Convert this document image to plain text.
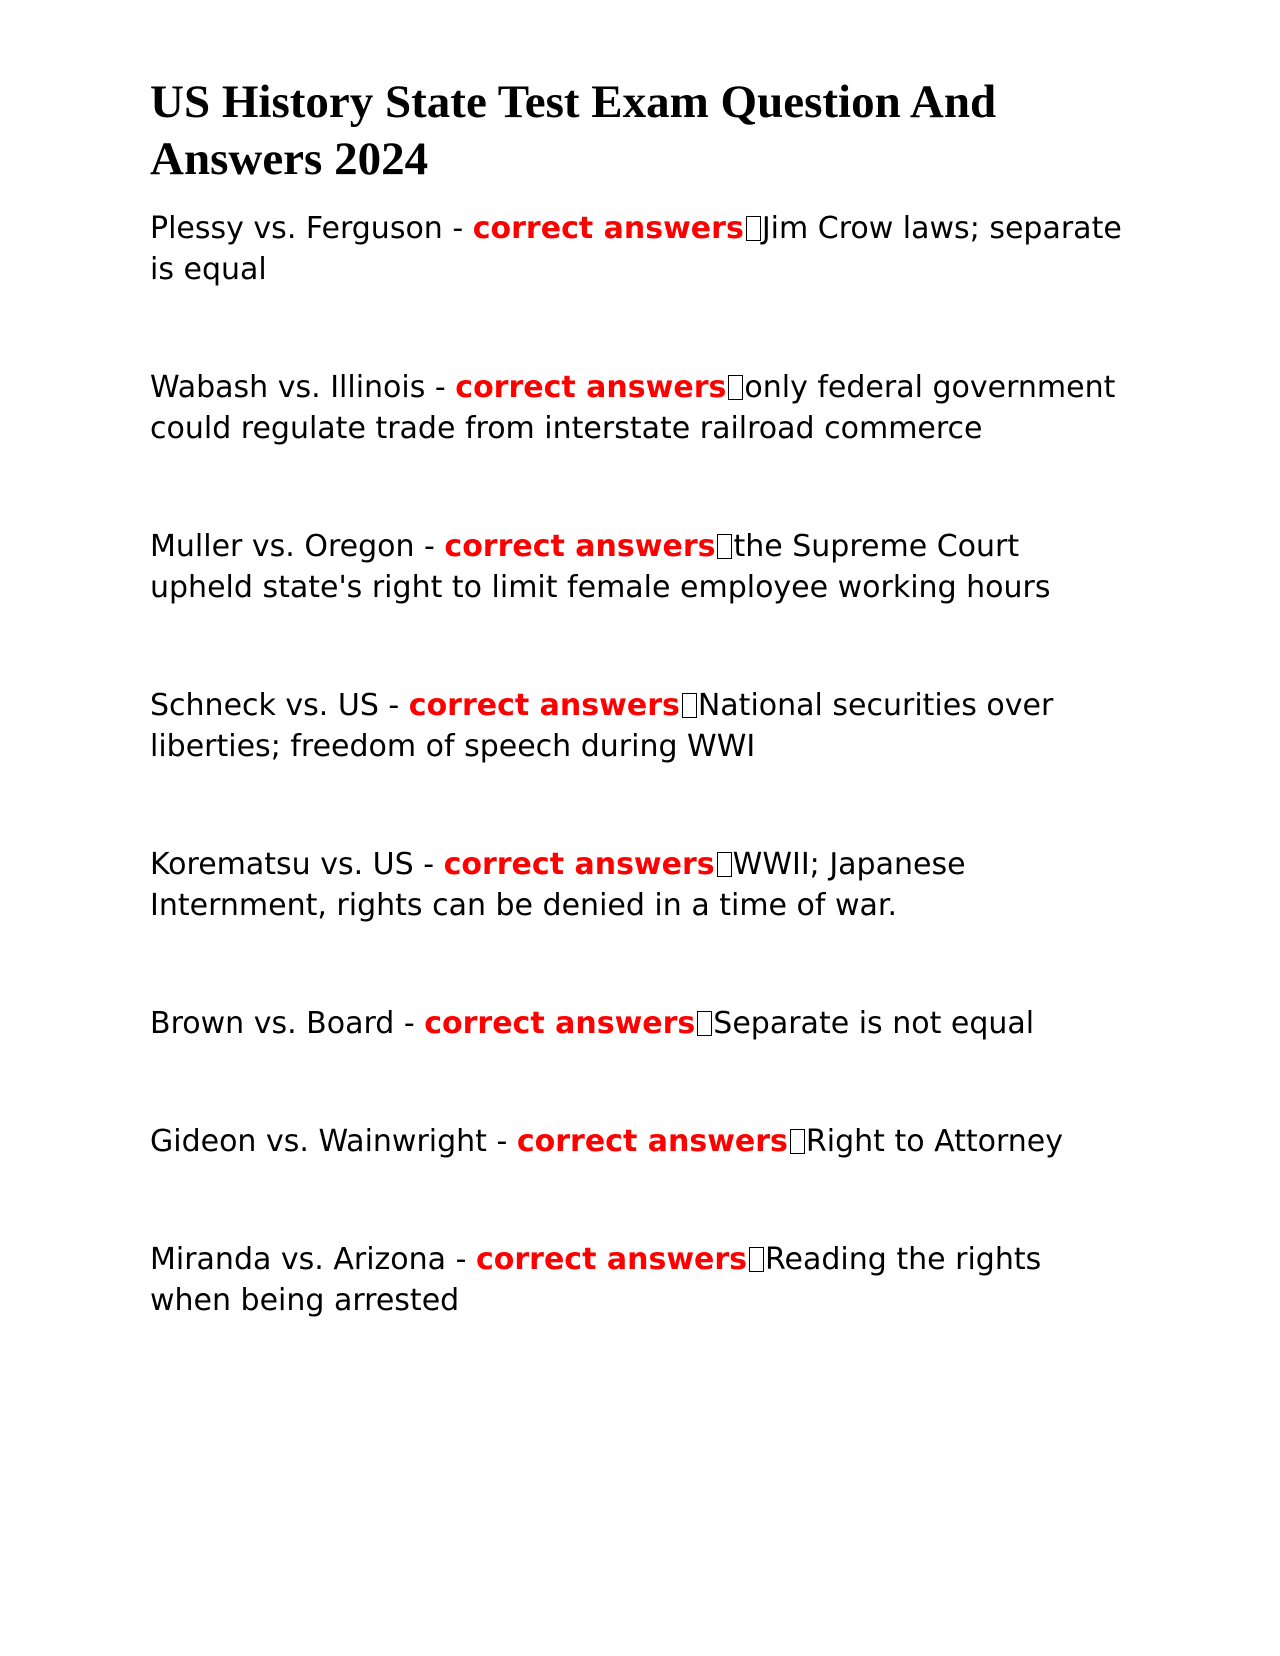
US History State Test Exam Question And Answers 2024

Plessy vs. Ferguson - correct answers Jim Crow laws; separate is equal

Wabash vs. Illinois - correct answers only federal government could regulate trade from interstate railroad commerce

Muller vs. Oregon - correct answers the Supreme Court upheld state's right to limit female employee working hours

Schneck vs. US - correct answers National securities over liberties; freedom of speech during WWI

Korematsu vs. US - correct answers WWII; Japanese Internment, rights can be denied in a time of war.

Brown vs. Board - correct answers Separate is not equal

Gideon vs. Wainwright - correct answers Right to Attorney

Miranda vs. Arizona - correct answers Reading the rights when being arrested
